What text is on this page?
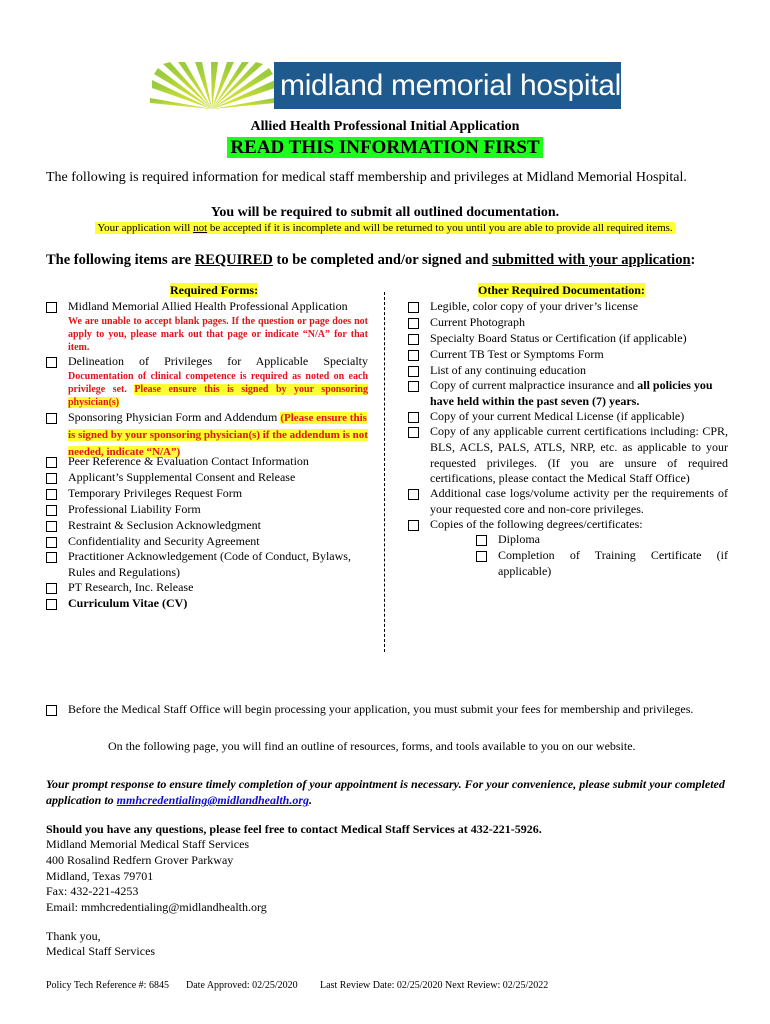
midland memorial hospital
Allied Health Professional Initial Application
READ THIS INFORMATION FIRST
The following is required information for medical staff membership and privileges at Midland Memorial Hospital.
You will be required to submit all outlined documentation.
Your application will not be accepted if it is incomplete and will be returned to you until you are able to provide all required items.
The following items are REQUIRED to be completed and/or signed and submitted with your application:
Required Forms:
Midland Memorial Allied Health Professional Application
We are unable to accept blank pages. If the question or page does not apply to you, please mark out that page or indicate “N/A” for that item.
Delineation of Privileges for Applicable Specialty
Documentation of clinical competence is required as noted on each privilege set. Please ensure this is signed by your sponsoring physician(s)
Sponsoring Physician Form and Addendum (Please ensure this is signed by your sponsoring physician(s) if the addendum is not needed, indicate “N/A”)
Peer Reference & Evaluation Contact Information
Applicant’s Supplemental Consent and Release
Temporary Privileges Request Form
Professional Liability Form
Restraint & Seclusion Acknowledgment
Confidentiality and Security Agreement
Practitioner Acknowledgement (Code of Conduct, Bylaws, Rules and Regulations)
PT Research, Inc. Release
Curriculum Vitae (CV)
Other Required Documentation:
Legible, color copy of your driver’s license
Current Photograph
Specialty Board Status or Certification (if applicable)
Current TB Test or Symptoms Form
List of any continuing education
Copy of current malpractice insurance and all policies you have held within the past seven (7) years.
Copy of your current Medical License (if applicable)
Copy of any applicable current certifications including: CPR, BLS, ACLS, PALS, ATLS, NRP, etc. as applicable to your requested privileges. (If you are unsure of required certifications, please contact the Medical Staff Office)
Additional case logs/volume activity per the requirements of your requested core and non-core privileges.
Copies of the following degrees/certificates:
Diploma
Completion of Training Certificate (if applicable)
Before the Medical Staff Office will begin processing your application, you must submit your fees for membership and privileges.
On the following page, you will find an outline of resources, forms, and tools available to you on our website.
Your prompt response to ensure timely completion of your appointment is necessary. For your convenience, please submit your completed application to mmhcredentialing@midlandhealth.org.
Should you have any questions, please feel free to contact Medical Staff Services at 432-221-5926.
Midland Memorial Medical Staff Services
400 Rosalind Redfern Grover Parkway
Midland, Texas 79701
Fax: 432-221-4253
Email: mmhcredentialing@midlandhealth.org
Thank you,
Medical Staff Services
Policy Tech Reference #: 6845 Date Approved: 02/25/2020 Last Review Date: 02/25/2020 Next Review: 02/25/2022
